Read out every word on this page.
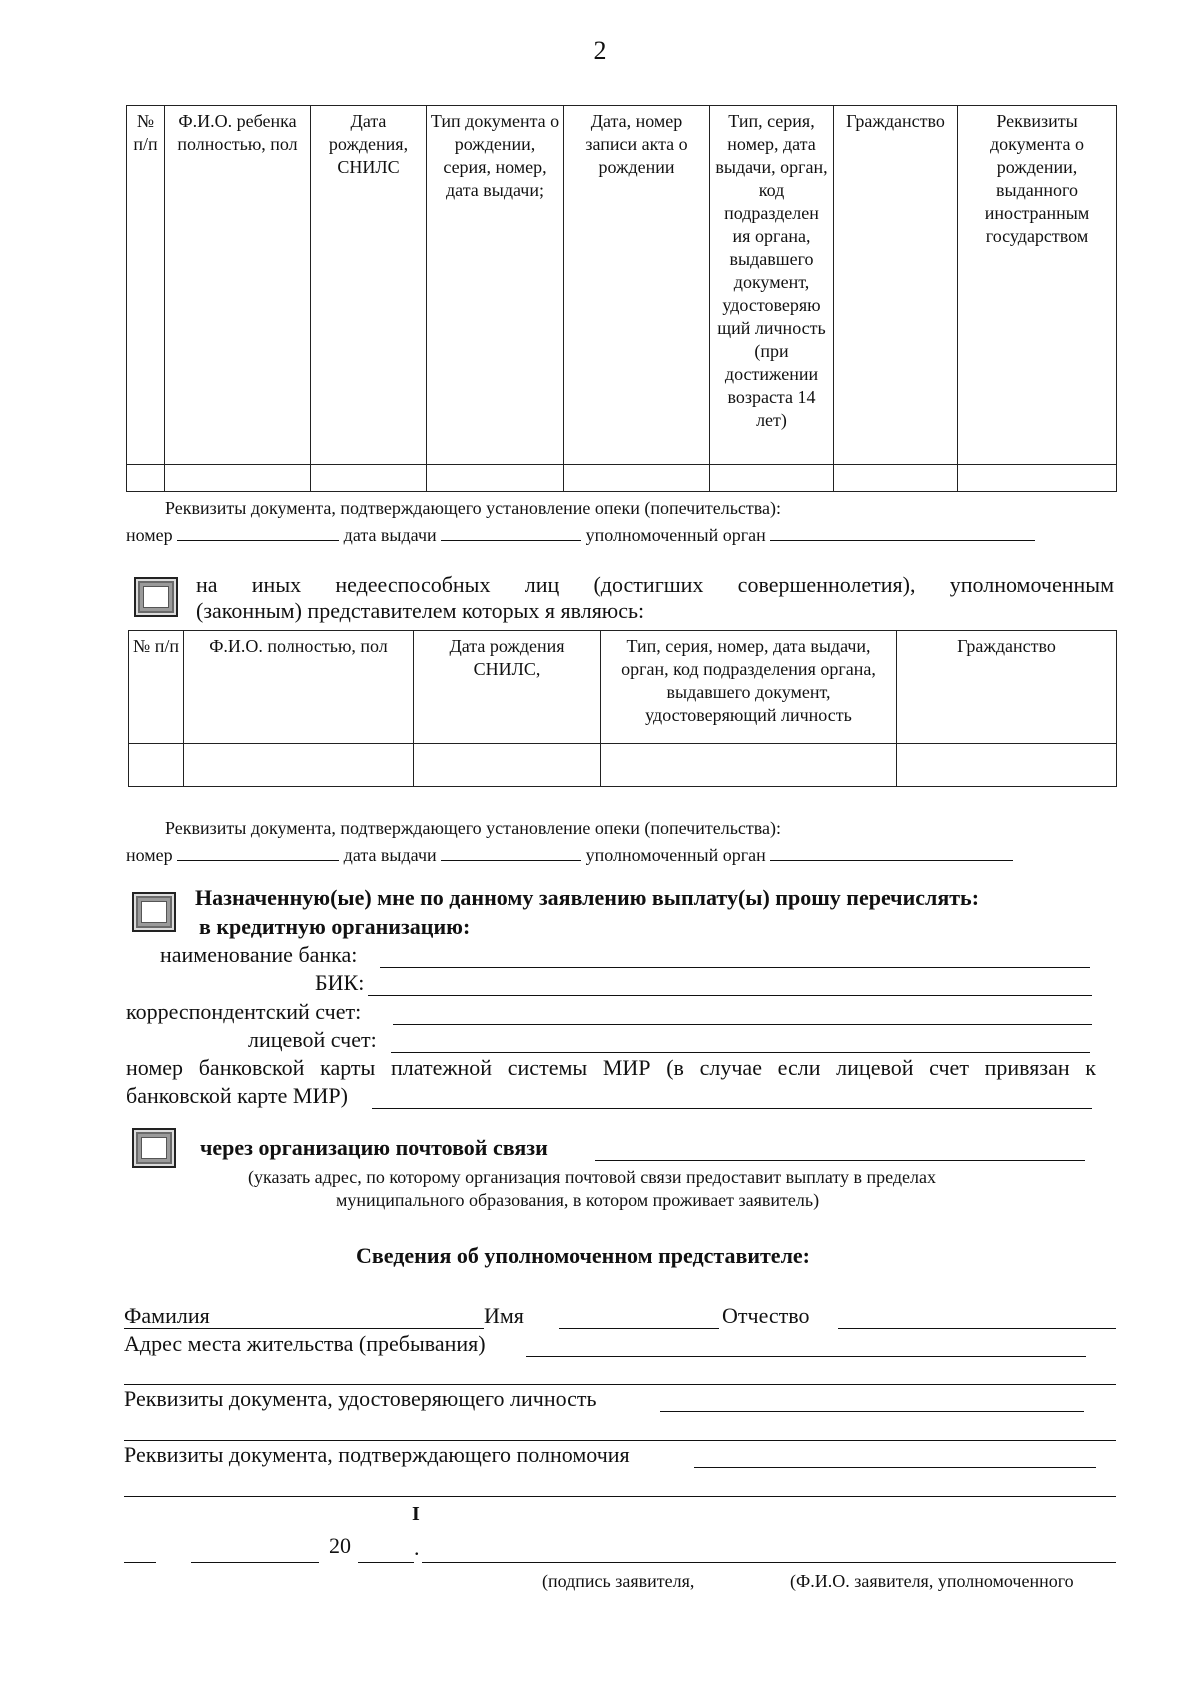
2
№ п/п	Ф.И.О. ребенка полностью, пол	Дата рождения, СНИЛС	Тип документа о рождении, серия, номер, дата выдачи;	Дата, номер записи акта о рождении	Тип, серия, номер, дата выдачи, орган, код подразделен ия органа, выдавшего документ, удостоверяю щий личность (при достижении возраста 14 лет)	Гражданство	Реквизиты документа о рождении, выданного иностранным государством

Реквизиты документа, подтверждающего установление опеки (попечительства):
номер	дата выдачи	уполномоченный орган
на иных недееспособных лиц (достигших совершеннолетия), уполномоченным
(законным) представителем которых я являюсь:
№ п/п	Ф.И.О. полностью, пол	Дата рождения СНИЛС,	Тип, серия, номер, дата выдачи, орган, код подразделения органа, выдавшего документ, удостоверяющий личность	Гражданство

Реквизиты документа, подтверждающего установление опеки (попечительства):
номер	дата выдачи	уполномоченный орган
Назначенную(ые) мне по данному заявлению выплату(ы) прошу перечислять:
в кредитную организацию:
наименование банка:
БИК:
корреспондентский счет:
лицевой счет:
номер банковской карты платежной системы МИР (в случае если лицевой счет привязан к
банковской карте МИР)
через организацию почтовой связи
(указать адрес, по которому организация почтовой связи предоставит выплату в пределах
муниципального образования, в котором проживает заявитель)
Сведения об уполномоченном представителе:
Фамилия	Имя	Отчество
Адрес места жительства (пребывания)
Реквизиты документа, удостоверяющего личность
Реквизиты документа, подтверждающего полномочия
I
20	.
(подпись заявителя,	(Ф.И.О. заявителя, уполномоченного
